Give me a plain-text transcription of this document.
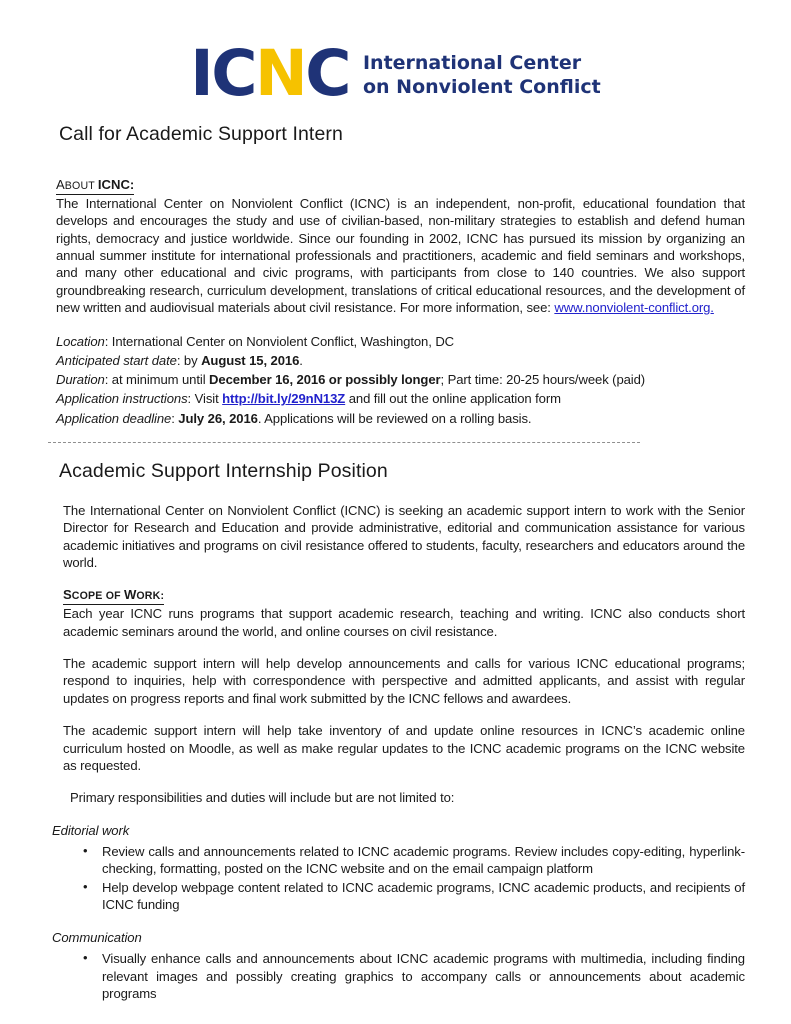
ICNC International Center
on Nonviolent Conflict
Call for Academic Support Intern
ABOUT ICNC:

The International Center on Nonviolent Conflict (ICNC) is an independent, non-profit, educational foundation that develops and encourages the study and use of civilian-based, non-military strategies to establish and defend human rights, democracy and justice worldwide. Since our founding in 2002, ICNC has pursued its mission by organizing an annual summer institute for international professionals and practitioners, academic and field seminars and workshops, and many other educational and civic programs, with participants from close to 140 countries. We also support groundbreaking research, curriculum development, translations of critical educational resources, and the development of new written and audiovisual materials about civil resistance. For more information, see: www.nonviolent-conflict.org.

Location: International Center on Nonviolent Conflict, Washington, DC
Anticipated start date: by August 15, 2016.
Duration: at minimum until December 16, 2016 or possibly longer; Part time: 20-25 hours/week (paid)
Application instructions: Visit http://bit.ly/29nN13Z and fill out the online application form
Application deadline: July 26, 2016. Applications will be reviewed on a rolling basis.
Academic Support Internship Position

The International Center on Nonviolent Conflict (ICNC) is seeking an academic support intern to work with the Senior Director for Research and Education and provide administrative, editorial and communication assistance for various academic initiatives and programs on civil resistance offered to students, faculty, researchers and educators around the world.

SCOPE OF WORK:

Each year ICNC runs programs that support academic research, teaching and writing. ICNC also conducts short academic seminars around the world, and online courses on civil resistance.

The academic support intern will help develop announcements and calls for various ICNC educational programs; respond to inquiries, help with correspondence with perspective and admitted applicants, and assist with regular updates on progress reports and final work submitted by the ICNC fellows and awardees.

The academic support intern will help take inventory of and update online resources in ICNC’s academic online curriculum hosted on Moodle, as well as make regular updates to the ICNC academic programs on the ICNC website as requested.

Primary responsibilities and duties will include but are not limited to:

Editorial work

• Review calls and announcements related to ICNC academic programs. Review includes copy-editing, hyperlink-checking, formatting, posted on the ICNC website and on the email campaign platform
• Help develop webpage content related to ICNC academic programs, ICNC academic products, and recipients of ICNC funding

Communication

• Visually enhance calls and announcements about ICNC academic programs with multimedia, including finding relevant images and possibly creating graphics to accompany calls or announcements about academic programs
